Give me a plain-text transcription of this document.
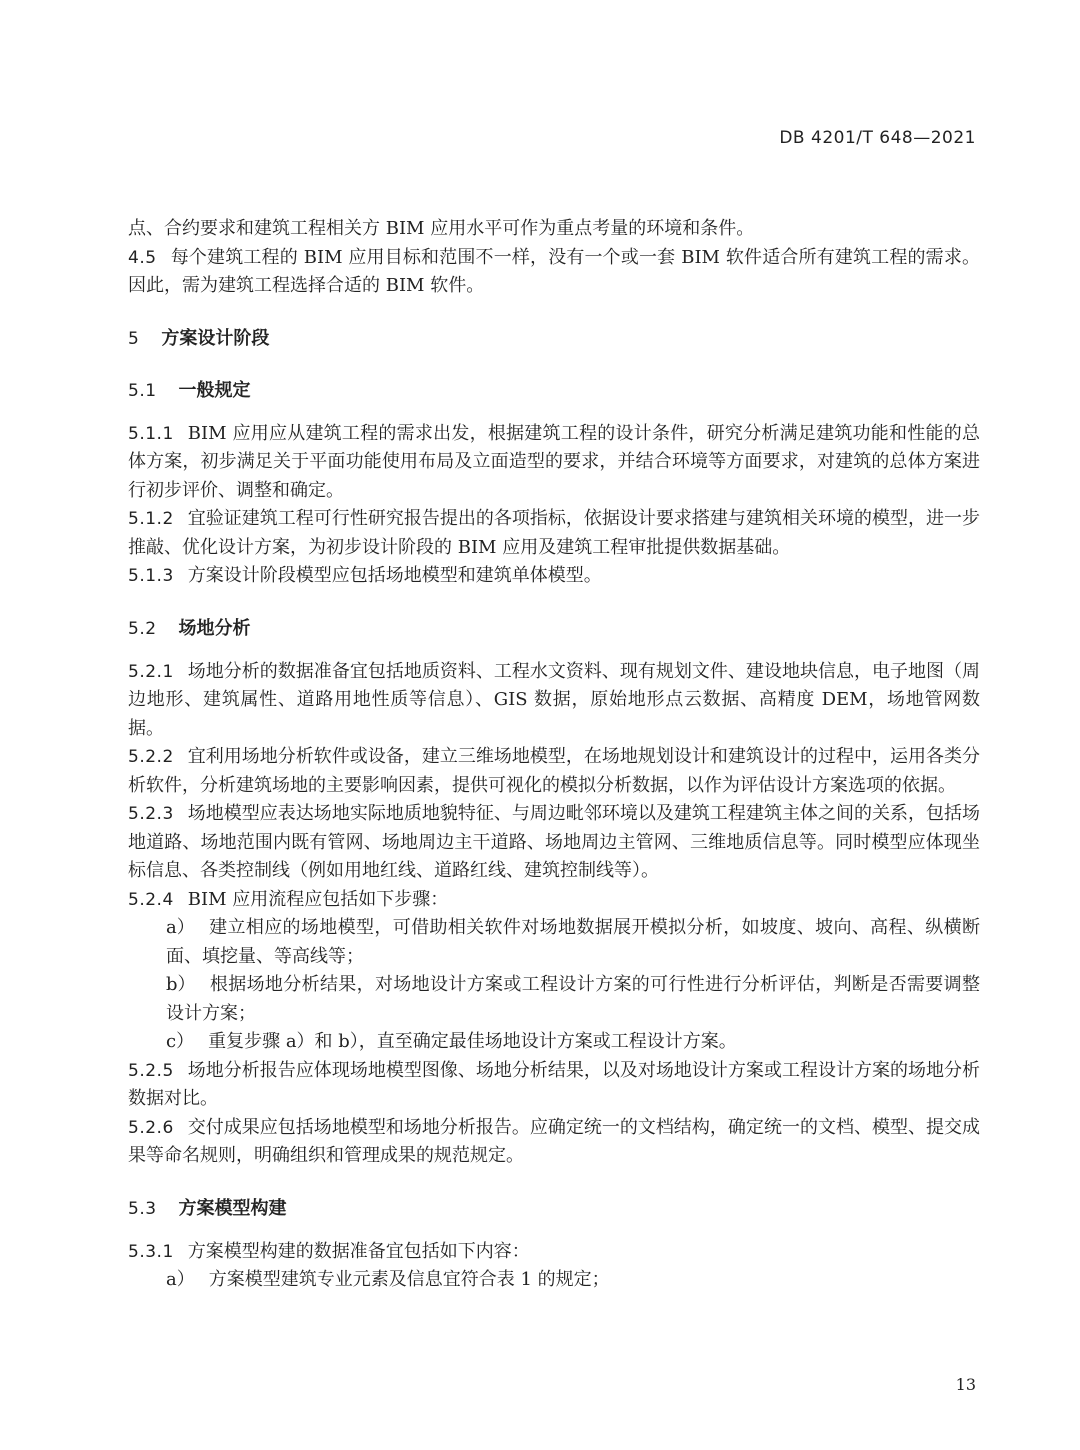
DB 4201/T 648—2021
点、合约要求和建筑工程相关方 BIM 应用水平可作为重点考量的环境和条件。
4.5 每个建筑工程的 BIM 应用目标和范围不一样，没有一个或一套 BIM 软件适合所有建筑工程的需求。因此，需为建筑工程选择合适的 BIM 软件。
5 方案设计阶段
5.1 一般规定
5.1.1 BIM 应用应从建筑工程的需求出发，根据建筑工程的设计条件，研究分析满足建筑功能和性能的总体方案，初步满足关于平面功能使用布局及立面造型的要求，并结合环境等方面要求，对建筑的总体方案进行初步评价、调整和确定。
5.1.2 宜验证建筑工程可行性研究报告提出的各项指标，依据设计要求搭建与建筑相关环境的模型，进一步推敲、优化设计方案，为初步设计阶段的 BIM 应用及建筑工程审批提供数据基础。
5.1.3 方案设计阶段模型应包括场地模型和建筑单体模型。
5.2 场地分析
5.2.1 场地分析的数据准备宜包括地质资料、工程水文资料、现有规划文件、建设地块信息，电子地图（周边地形、建筑属性、道路用地性质等信息）、GIS 数据，原始地形点云数据、高精度 DEM，场地管网数据。
5.2.2 宜利用场地分析软件或设备，建立三维场地模型，在场地规划设计和建筑设计的过程中，运用各类分析软件，分析建筑场地的主要影响因素，提供可视化的模拟分析数据，以作为评估设计方案选项的依据。
5.2.3 场地模型应表达场地实际地质地貌特征、与周边毗邻环境以及建筑工程建筑主体之间的关系，包括场地道路、场地范围内既有管网、场地周边主干道路、场地周边主管网、三维地质信息等。同时模型应体现坐标信息、各类控制线（例如用地红线、道路红线、建筑控制线等）。
5.2.4 BIM 应用流程应包括如下步骤：
a） 建立相应的场地模型，可借助相关软件对场地数据展开模拟分析，如坡度、坡向、高程、纵横断面、填挖量、等高线等；
b） 根据场地分析结果，对场地设计方案或工程设计方案的可行性进行分析评估，判断是否需要调整设计方案；
c） 重复步骤 a）和 b），直至确定最佳场地设计方案或工程设计方案。
5.2.5 场地分析报告应体现场地模型图像、场地分析结果，以及对场地设计方案或工程设计方案的场地分析数据对比。
5.2.6 交付成果应包括场地模型和场地分析报告。应确定统一的文档结构，确定统一的文档、模型、提交成果等命名规则，明确组织和管理成果的规范规定。
5.3 方案模型构建
5.3.1 方案模型构建的数据准备宜包括如下内容：
a） 方案模型建筑专业元素及信息宜符合表 1 的规定；
13
